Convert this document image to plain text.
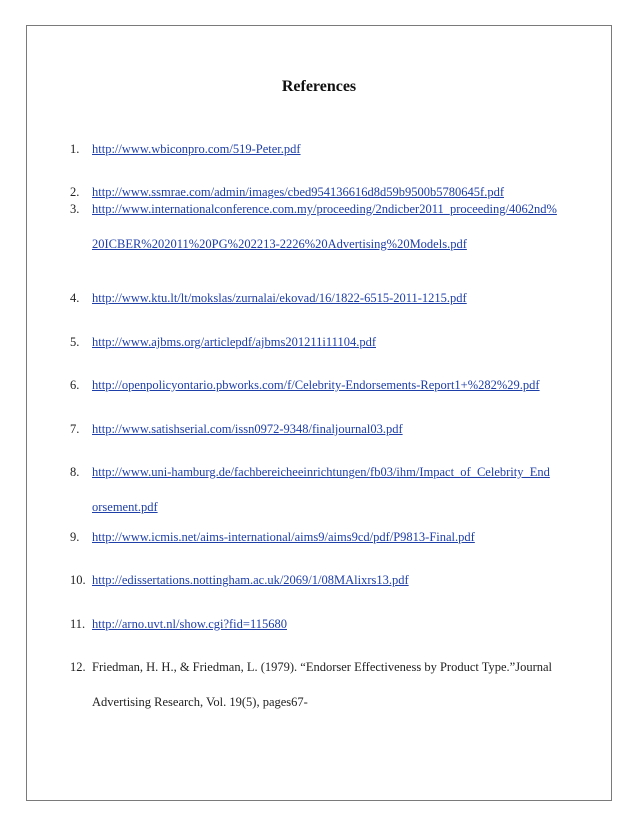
References
1. http://www.wbiconpro.com/519-Peter.pdf
2. http://www.ssmrae.com/admin/images/cbed954136616d8d59b9500b5780645f.pdf
3. http://www.internationalconference.com.my/proceeding/2ndicber2011_proceeding/4062nd%
20ICBER%202011%20PG%202213-2226%20Advertising%20Models.pdf
4. http://www.ktu.lt/lt/mokslas/zurnalai/ekovad/16/1822-6515-2011-1215.pdf
5. http://www.ajbms.org/articlepdf/ajbms201211i11104.pdf
6. http://openpolicyontario.pbworks.com/f/Celebrity-Endorsements-Report1+%282%29.pdf
7. http://www.satishserial.com/issn0972-9348/finaljournal03.pdf
8. http://www.uni-hamburg.de/fachbereicheeinrichtungen/fb03/ihm/Impact_of_Celebrity_End
orsement.pdf
9. http://www.icmis.net/aims-international/aims9/aims9cd/pdf/P9813-Final.pdf
10. http://edissertations.nottingham.ac.uk/2069/1/08MAlixrs13.pdf
11. http://arno.uvt.nl/show.cgi?fid=115680
12. Friedman, H. H., & Friedman, L. (1979). “Endorser Effectiveness by Product Type.”Journal
Advertising Research, Vol. 19(5), pages67-
